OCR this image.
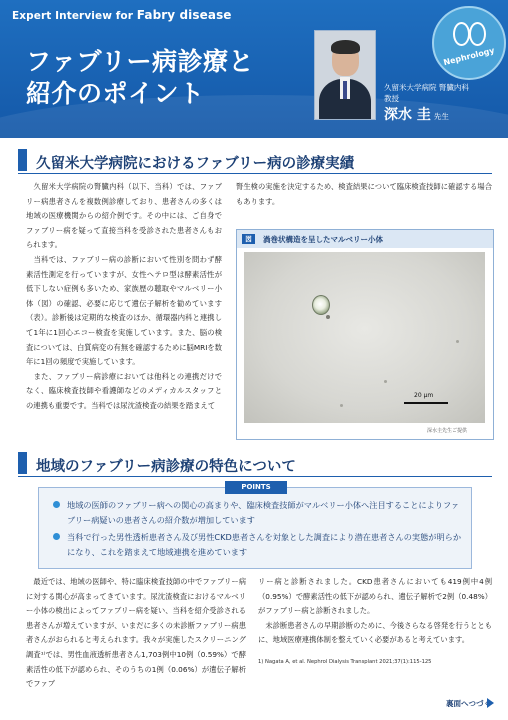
Expert Interview for Fabry disease
ファブリー病診療と
紹介のポイント	久留米大学病院 腎臓内科
教授
深水 圭 先生
Nephrology
久留米大学病院におけるファブリー病の診療実績
　久留米大学病院の腎臓内科（以下、当科）では、ファブリー病患者さんを複数例診療しており、患者さんの多くは地域の医療機関からの紹介例です。その中には、ご自身でファブリー病を疑って直接当科を受診された患者さんもおられます。
　当科では、ファブリー病の診断において性別を問わず酵素活性測定を行っていますが、女性ヘテロ型は酵素活性が低下しない症例も多いため、家族歴の聴取やマルベリー小体（図）の確認、必要に応じて遺伝子解析を勧めています（表）。診断後は定期的な検査のほか、循環器内科と連携して1年に1回心エコー検査を実施しています。また、脳の検査については、白質病変の有無を確認するために脳MRIを数年に1回の頻度で実施しています。
　また、ファブリー病診療においては他科との連携だけでなく、臨床検査技師や看護師などのメディカルスタッフとの連携も重要です。当科では尿沈渣検査の結果を踏まえて
腎生検の実施を決定するため、検査結果について臨床検査技師に確認する場合もあります。
図	渦巻状構造を呈したマルベリー小体
20 μm
深水圭先生ご提供
地域のファブリー病診療の特色について
POINTS
地域の医師のファブリー病への関心の高まりや、臨床検査技師がマルベリー小体へ注目することによりファブリー病疑いの患者さんの紹介数が増加しています
当科で行った男性透析患者さん及び男性CKD患者さんを対象とした調査により潜在患者さんの実態が明らかになり、これを踏まえて地域連携を進めています
　最近では、地域の医師や、特に臨床検査技師の中でファブリー病に対する関心が高まってきています。尿沈渣検査におけるマルベリー小体の検出によってファブリー病を疑い、当科を紹介受診される患者さんが増えていますが、いまだに多くの未診断ファブリー病患者さんがおられると考えられます。我々が実施したスクリーニング調査¹⁾では、男性血液透析患者さん1,703例中10例（0.59%）で酵素活性の低下が認められ、そのうちの1例（0.06%）が遺伝子解析でファブ
リー病と診断されました。CKD患者さんにおいても419例中4例（0.95%）で酵素活性の低下が認められ、遺伝子解析で2例（0.48%）がファブリー病と診断されました。
　未診断患者さんの早期診断のために、今後さらなる啓発を行うとともに、地域医療連携体制を整えていく必要があると考えています。
1) Nagata A, et al. Nephrol Dialysis Transplant 2021;37(1):115-125
裏面へつづく
